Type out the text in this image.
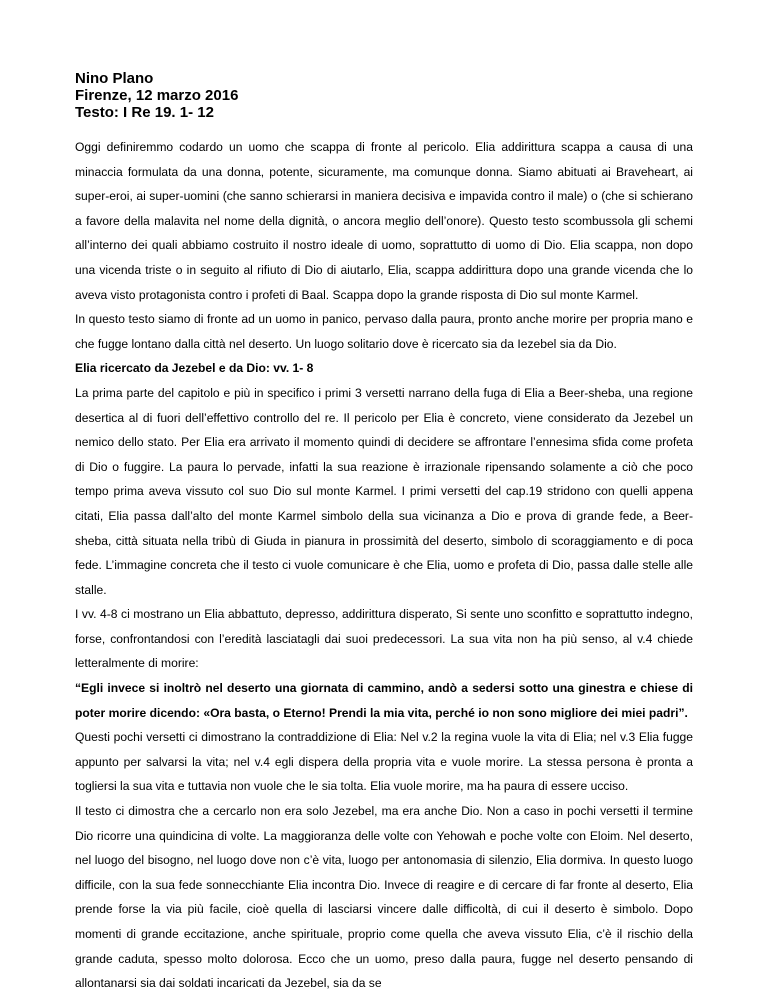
Nino Plano
Firenze, 12 marzo 2016
Testo: I Re 19. 1- 12

Oggi definiremmo codardo un uomo che scappa di fronte al pericolo. Elia addirittura scappa a causa di una minaccia formulata da una donna, potente, sicuramente, ma comunque donna. Siamo abituati ai Braveheart, ai super-eroi, ai super-uomini (che sanno schierarsi in maniera decisiva e impavida contro il male) o (che si schierano a favore della malavita nel nome della dignità, o ancora meglio dell’onore). Questo testo scombussola gli schemi all’interno dei quali abbiamo costruito il nostro ideale di uomo, soprattutto di uomo di Dio. Elia scappa, non dopo una vicenda triste o in seguito al rifiuto di Dio di aiutarlo, Elia, scappa addirittura dopo una grande vicenda che lo aveva visto protagonista contro i profeti di Baal. Scappa dopo la grande risposta di Dio sul monte Karmel.

In questo testo siamo di fronte ad un uomo in panico, pervaso dalla paura, pronto anche morire per propria mano e che fugge lontano dalla città nel deserto. Un luogo solitario dove è ricercato sia da Iezebel sia da Dio.

Elia ricercato da Jezebel e da Dio: vv. 1- 8

La prima parte del capitolo e più in specifico i primi 3 versetti narrano della fuga di Elia a Beer-sheba, una regione desertica al di fuori dell’effettivo controllo del re. Il pericolo per Elia è concreto, viene considerato da Jezebel un nemico dello stato. Per Elia era arrivato il momento quindi di decidere se affrontare l’ennesima sfida come profeta di Dio o fuggire. La paura lo pervade, infatti la sua reazione è irrazionale ripensando solamente a ciò che poco tempo prima aveva vissuto col suo Dio sul monte Karmel. I primi versetti del cap.19 stridono con quelli appena citati, Elia passa dall’alto del monte Karmel simbolo della sua vicinanza a Dio e prova di grande fede, a Beer-sheba, città situata nella tribù di Giuda in pianura in prossimità del deserto, simbolo di scoraggiamento e di poca fede. L’immagine concreta che il testo ci vuole comunicare è che Elia, uomo e profeta di Dio, passa dalle stelle alle stalle.

I vv. 4-8 ci mostrano un Elia abbattuto, depresso, addirittura disperato, Si sente uno sconfitto e soprattutto indegno, forse, confrontandosi con l’eredità lasciatagli dai suoi predecessori. La sua vita non ha più senso, al v.4 chiede letteralmente di morire:

“Egli invece si inoltrò nel deserto una giornata di cammino, andò a sedersi sotto una ginestra e chiese di poter morire dicendo: «Ora basta, o Eterno! Prendi la mia vita, perché io non sono migliore dei miei padri”.

Questi pochi versetti ci dimostrano la contraddizione di Elia: Nel v.2 la regina vuole la vita di Elia; nel v.3 Elia fugge appunto per salvarsi la vita; nel v.4 egli dispera della propria vita e vuole morire. La stessa persona è pronta a togliersi la sua vita e tuttavia non vuole che le sia tolta. Elia vuole morire, ma ha paura di essere ucciso.

Il testo ci dimostra che a cercarlo non era solo Jezebel, ma era anche Dio. Non a caso in pochi versetti il termine Dio ricorre una quindicina di volte. La maggioranza delle volte con Yehowah e poche volte con Eloim. Nel deserto, nel luogo del bisogno, nel luogo dove non c’è vita, luogo per antonomasia di silenzio, Elia dormiva. In questo luogo difficile, con la sua fede sonnecchiante Elia incontra Dio. Invece di reagire e di cercare di far fronte al deserto, Elia prende forse la via più facile, cioè quella di lasciarsi vincere dalle difficoltà, di cui il deserto è simbolo. Dopo momenti di grande eccitazione, anche spirituale, proprio come quella che aveva vissuto Elia, c’è il rischio della grande caduta, spesso molto dolorosa. Ecco che un uomo, preso dalla paura, fugge nel deserto pensando di allontanarsi sia dai soldati incaricati da Jezebel, sia da se
